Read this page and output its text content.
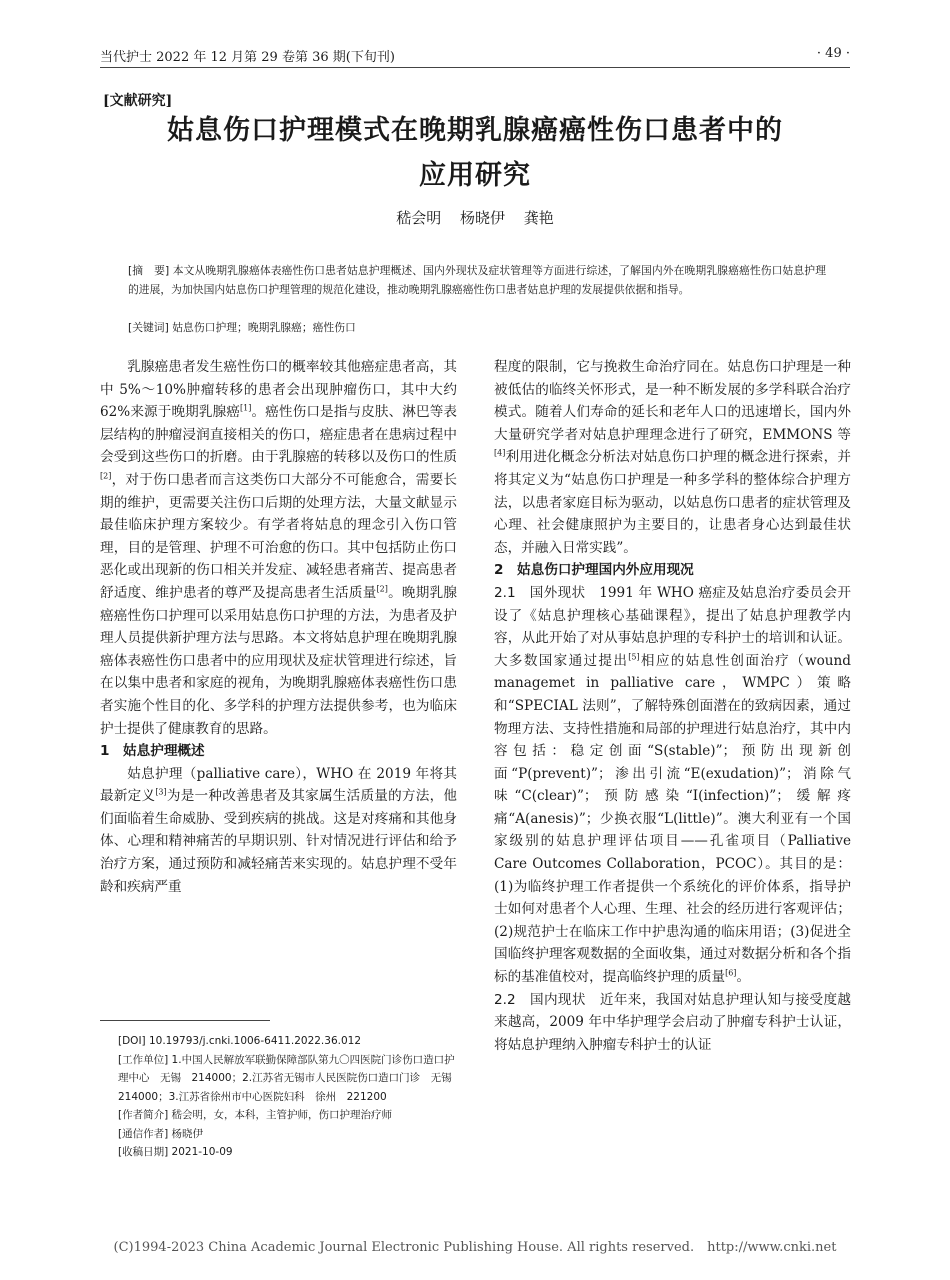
当代护士 2022 年 12 月第 29 卷第 36 期(下旬刊)	· 49 ·
[文献研究]
姑息伤口护理模式在晚期乳腺癌癌性伤口患者中的
应用研究
嵇会明 杨晓伊 龚艳
[摘　要] 本文从晚期乳腺癌体表癌性伤口患者姑息护理概述、国内外现状及症状管理等方面进行综述，了解国内外在晚期乳腺癌癌性伤口姑息护理的进展，为加快国内姑息伤口护理管理的规范化建设，推动晚期乳腺癌癌性伤口患者姑息护理的发展提供依据和指导。
[关键词] 姑息伤口护理；晚期乳腺癌；癌性伤口

乳腺癌患者发生癌性伤口的概率较其他癌症患者高，其中 5%～10%肿瘤转移的患者会出现肿瘤伤口，其中大约 62%来源于晚期乳腺癌[1]。癌性伤口是指与皮肤、淋巴等表层结构的肿瘤浸润直接相关的伤口，癌症患者在患病过程中会受到这些伤口的折磨。由于乳腺癌的转移以及伤口的性质[2]，对于伤口患者而言这类伤口大部分不可能愈合，需要长期的维护，更需要关注伤口后期的处理方法，大量文献显示最佳临床护理方案较少。有学者将姑息的理念引入伤口管理，目的是管理、护理不可治愈的伤口。其中包括防止伤口恶化或出现新的伤口相关并发症、减轻患者痛苦、提高患者舒适度、维护患者的尊严及提高患者生活质量[2]。晚期乳腺癌癌性伤口护理可以采用姑息伤口护理的方法，为患者及护理人员提供新护理方法与思路。本文将姑息护理在晚期乳腺癌体表癌性伤口患者中的应用现状及症状管理进行综述，旨在以集中患者和家庭的视角，为晚期乳腺癌体表癌性伤口患者实施个性目的化、多学科的护理方法提供参考，也为临床护士提供了健康教育的思路。

1　姑息护理概述

姑息护理（palliative care），WHO 在 2019 年将其最新定义[3]为是一种改善患者及其家属生活质量的方法，他们面临着生命威胁、受到疾病的挑战。这是对疼痛和其他身体、心理和精神痛苦的早期识别、针对情况进行评估和给予治疗方案，通过预防和减轻痛苦来实现的。姑息护理不受年龄和疾病严重

程度的限制，它与挽救生命治疗同在。姑息伤口护理是一种被低估的临终关怀形式，是一种不断发展的多学科联合治疗模式。随着人们寿命的延长和老年人口的迅速增长，国内外大量研究学者对姑息护理理念进行了研究，EMMONS 等[4]利用进化概念分析法对姑息伤口护理的概念进行探索，并将其定义为“姑息伤口护理是一种多学科的整体综合护理方法，以患者家庭目标为驱动，以姑息伤口患者的症状管理及心理、社会健康照护为主要目的，让患者身心达到最佳状态，并融入日常实践”。

2　姑息伤口护理国内外应用现况

2.1　国外现状　 1991 年 WHO 癌症及姑息治疗委员会开设了《姑息护理核心基础课程》，提出了姑息护理教学内容，从此开始了对从事姑息护理的专科护士的培训和认证。大多数国家通过提出[5]相应的姑息性创面治疗（wound managemet in palliative care，WMPC）策略和“SPECIAL 法则”，了解特殊创面潜在的致病因素，通过物理方法、支持性措施和局部的护理进行姑息治疗，其中内容包括：稳定创面“S(stable)”；预防出现新创面“P(prevent)”；渗出引流“E(exudation)”；消除气味“C(clear)”；预防感染“I(infection)”；缓解疼痛“A(anesis)”；少换衣服“L(little)”。澳大利亚有一个国家级别的姑息护理评估项目——孔雀项目（Palliative Care Outcomes Collaboration，PCOC）。其目的是：(1)为临终护理工作者提供一个系统化的评价体系，指导护士如何对患者个人心理、生理、社会的经历进行客观评估；(2)规范护士在临床工作中护患沟通的临床用语；(3)促进全国临终护理客观数据的全面收集，通过对数据分析和各个指标的基准值校对，提高临终护理的质量[6]。

2.2　国内现状　 近年来，我国对姑息护理认知与接受度越来越高，2009 年中华护理学会启动了肿瘤专科护士认证，将姑息护理纳入肿瘤专科护士的认证

[DOI] 10.19793/j.cnki.1006-6411.2022.36.012
[工作单位] 1.中国人民解放军联勤保障部队第九〇四医院门诊伤口造口护理中心　无锡　214000；2.江苏省无锡市人民医院伤口造口门诊　无锡　214000；3.江苏省徐州市中心医院妇科　徐州　221200
[作者简介] 嵇会明，女，本科，主管护师，伤口护理治疗师
[通信作者] 杨晓伊
[收稿日期] 2021-10-09
(C)1994-2023 China Academic Journal Electronic Publishing House. All rights reserved.　http://www.cnki.net
